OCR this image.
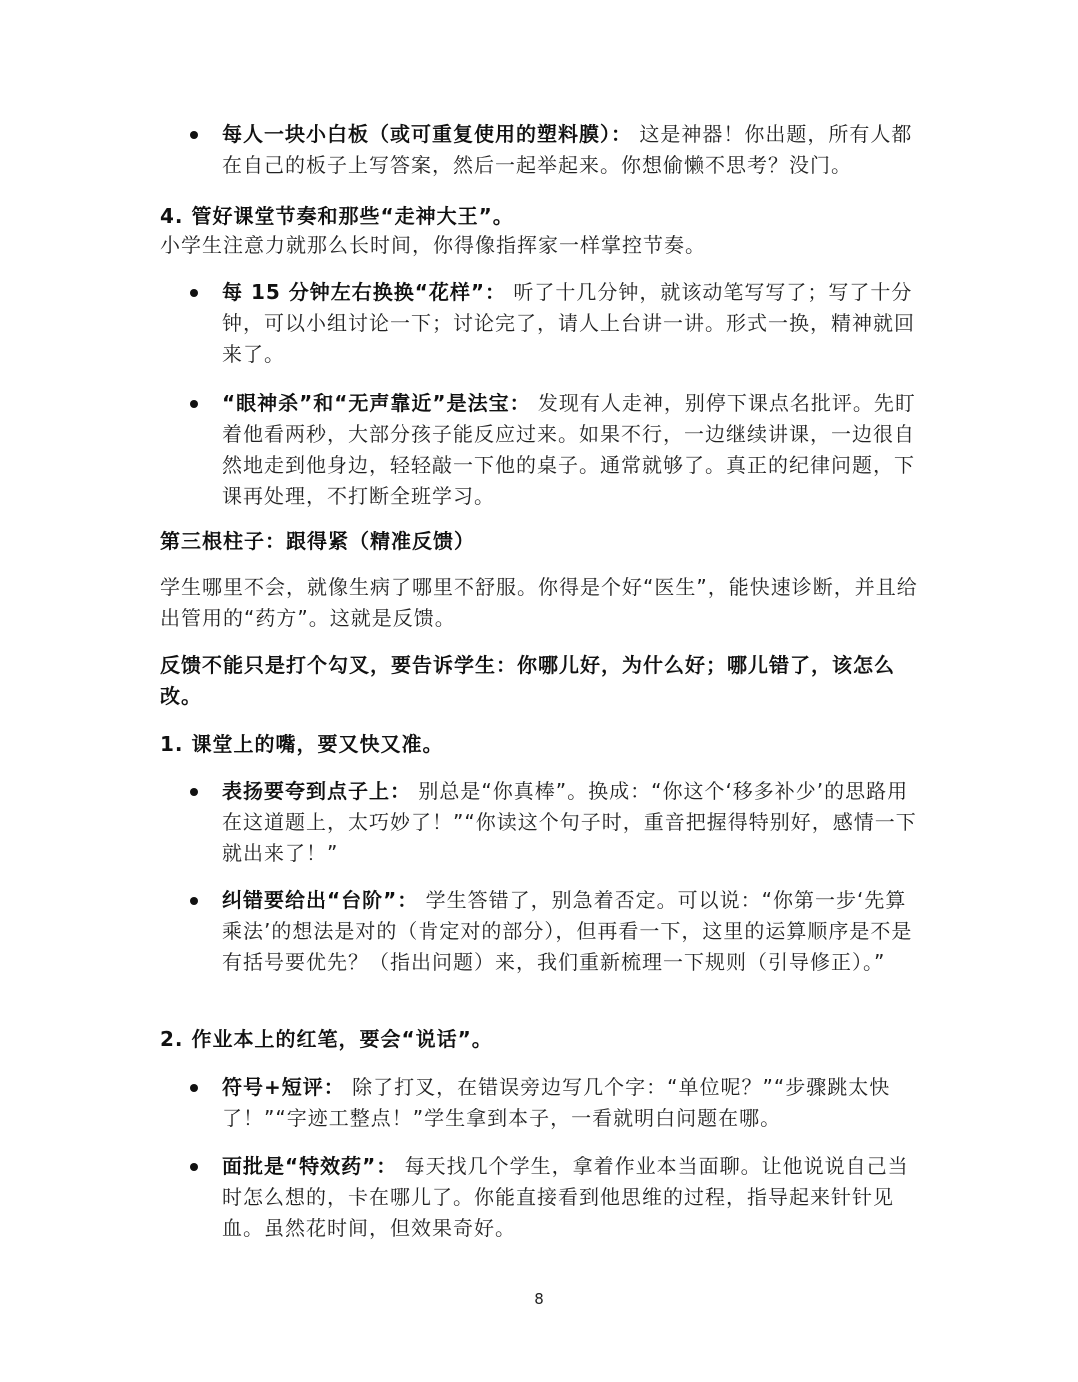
每人一块小白板（或可重复使用的塑料膜）： 这是神器！你出题，所有人都在自己的板子上写答案，然后一起举起来。你想偷懒不思考？没门。

4. 管好课堂节奏和那些“走神大王”。

小学生注意力就那么长时间，你得像指挥家一样掌控节奏。

每 15 分钟左右换换“花样”： 听了十几分钟，就该动笔写写了；写了十分钟，可以小组讨论一下；讨论完了，请人上台讲一讲。形式一换，精神就回来了。

“眼神杀”和“无声靠近”是法宝： 发现有人走神，别停下课点名批评。先盯着他看两秒，大部分孩子能反应过来。如果不行，一边继续讲课，一边很自然地走到他身边，轻轻敲一下他的桌子。通常就够了。真正的纪律问题，下课再处理，不打断全班学习。

第三根柱子：跟得紧（精准反馈）

学生哪里不会，就像生病了哪里不舒服。你得是个好“医生”，能快速诊断，并且给出管用的“药方”。这就是反馈。

反馈不能只是打个勾叉，要告诉学生：你哪儿好，为什么好；哪儿错了，该怎么改。

1. 课堂上的嘴，要又快又准。

表扬要夸到点子上： 别总是“你真棒”。换成：“你这个‘移多补少’的思路用在这道题上，太巧妙了！”“你读这个句子时，重音把握得特别好，感情一下就出来了！”

纠错要给出“台阶”： 学生答错了，别急着否定。可以说：“你第一步‘先算乘法’的想法是对的（肯定对的部分），但再看一下，这里的运算顺序是不是有括号要优先？（指出问题）来，我们重新梳理一下规则（引导修正）。”

2. 作业本上的红笔，要会“说话”。

符号+短评： 除了打叉，在错误旁边写几个字：“单位呢？”“步骤跳太快了！”“字迹工整点！”学生拿到本子，一看就明白问题在哪。

面批是“特效药”： 每天找几个学生，拿着作业本当面聊。让他说说自己当时怎么想的，卡在哪儿了。你能直接看到他思维的过程，指导起来针针见血。虽然花时间，但效果奇好。

8
